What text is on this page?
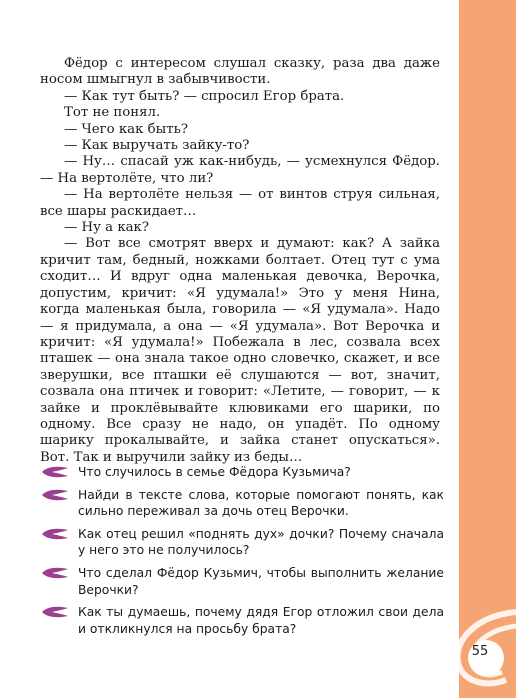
55

Фёдор с интересом слушал сказку, раза два даже носом шмыгнул в забывчивости.

— Как тут быть? — спросил Егор брата.

Тот не понял.

— Чего как быть?

— Как выручать зайку-то?

— Ну… спасай уж как-нибудь, — усмехнулся Фёдор. — На вертолёте, что ли?

— На вертолёте нельзя — от винтов струя сильная, все шары раскидает…

— Ну а как?

— Вот все смотрят вверх и думают: как? А зайка кричит там, бедный, ножками болтает. Отец тут с ума сходит… И вдруг одна маленькая девочка, Верочка, допустим, кричит: «Я удумала!» Это у меня Нина, когда маленькая была, говорила — «Я удумала». Надо — я придумала, а она — «Я удумала». Вот Верочка и кричит: «Я удумала!» Побежала в лес, созвала всех пташек — она знала такое одно словечко, скажет, и все зверушки, все пташки её слушаются — вот, значит, созвала она птичек и говорит: «Летите, — говорит, — к зайке и проклёвывайте клювиками его шарики, по одному. Все сразу не надо, он упадёт. По одному шарику прокалывайте, и зайка станет опускаться». Вот. Так и выручили зайку из беды…

Что случилось в семье Фёдора Кузьмича?
Найди в тексте слова, которые помогают понять, как сильно переживал за дочь отец Верочки.
Как отец решил «поднять дух» дочки? Почему сначала у него это не получилось?
Что сделал Фёдор Кузьмич, чтобы выполнить желание Верочки?
Как ты думаешь, почему дядя Егор отложил свои дела и откликнулся на просьбу брата?
